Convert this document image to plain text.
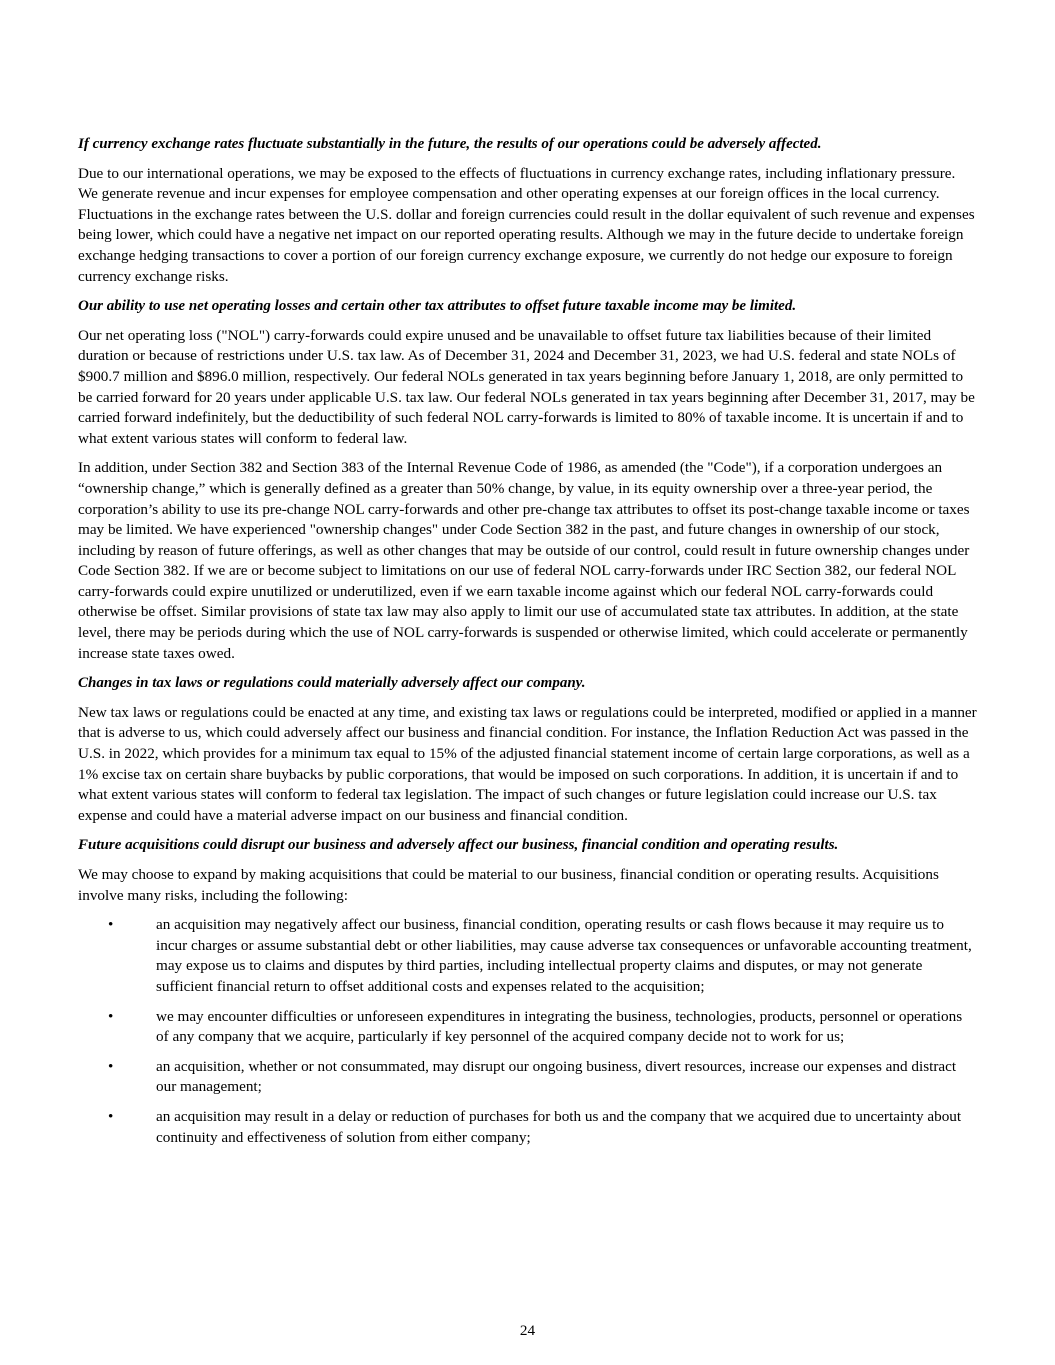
If currency exchange rates fluctuate substantially in the future, the results of our operations could be adversely affected.

Due to our international operations, we may be exposed to the effects of fluctuations in currency exchange rates, including inflationary pressure. We generate revenue and incur expenses for employee compensation and other operating expenses at our foreign offices in the local currency. Fluctuations in the exchange rates between the U.S. dollar and foreign currencies could result in the dollar equivalent of such revenue and expenses being lower, which could have a negative net impact on our reported operating results. Although we may in the future decide to undertake foreign exchange hedging transactions to cover a portion of our foreign currency exchange exposure, we currently do not hedge our exposure to foreign currency exchange risks.

Our ability to use net operating losses and certain other tax attributes to offset future taxable income may be limited.

Our net operating loss ("NOL") carry-forwards could expire unused and be unavailable to offset future tax liabilities because of their limited duration or because of restrictions under U.S. tax law. As of December 31, 2024 and December 31, 2023, we had U.S. federal and state NOLs of $900.7 million and $896.0 million, respectively. Our federal NOLs generated in tax years beginning before January 1, 2018, are only permitted to be carried forward for 20 years under applicable U.S. tax law. Our federal NOLs generated in tax years beginning after December 31, 2017, may be carried forward indefinitely, but the deductibility of such federal NOL carry-forwards is limited to 80% of taxable income. It is uncertain if and to what extent various states will conform to federal law.

In addition, under Section 382 and Section 383 of the Internal Revenue Code of 1986, as amended (the "Code"), if a corporation undergoes an “ownership change,” which is generally defined as a greater than 50% change, by value, in its equity ownership over a three-year period, the corporation’s ability to use its pre-change NOL carry-forwards and other pre-change tax attributes to offset its post-change taxable income or taxes may be limited. We have experienced "ownership changes" under Code Section 382 in the past, and future changes in ownership of our stock, including by reason of future offerings, as well as other changes that may be outside of our control, could result in future ownership changes under Code Section 382. If we are or become subject to limitations on our use of federal NOL carry-forwards under IRC Section 382, our federal NOL carry-forwards could expire unutilized or underutilized, even if we earn taxable income against which our federal NOL carry-forwards could otherwise be offset. Similar provisions of state tax law may also apply to limit our use of accumulated state tax attributes. In addition, at the state level, there may be periods during which the use of NOL carry-forwards is suspended or otherwise limited, which could accelerate or permanently increase state taxes owed.

Changes in tax laws or regulations could materially adversely affect our company.

New tax laws or regulations could be enacted at any time, and existing tax laws or regulations could be interpreted, modified or applied in a manner that is adverse to us, which could adversely affect our business and financial condition. For instance, the Inflation Reduction Act was passed in the U.S. in 2022, which provides for a minimum tax equal to 15% of the adjusted financial statement income of certain large corporations, as well as a 1% excise tax on certain share buybacks by public corporations, that would be imposed on such corporations. In addition, it is uncertain if and to what extent various states will conform to federal tax legislation. The impact of such changes or future legislation could increase our U.S. tax expense and could have a material adverse impact on our business and financial condition.

Future acquisitions could disrupt our business and adversely affect our business, financial condition and operating results.

We may choose to expand by making acquisitions that could be material to our business, financial condition or operating results. Acquisitions involve many risks, including the following:

•	an acquisition may negatively affect our business, financial condition, operating results or cash flows because it may require us to incur charges or assume substantial debt or other liabilities, may cause adverse tax consequences or unfavorable accounting treatment, may expose us to claims and disputes by third parties, including intellectual property claims and disputes, or may not generate sufficient financial return to offset additional costs and expenses related to the acquisition;
•	we may encounter difficulties or unforeseen expenditures in integrating the business, technologies, products, personnel or operations of any company that we acquire, particularly if key personnel of the acquired company decide not to work for us;
•	an acquisition, whether or not consummated, may disrupt our ongoing business, divert resources, increase our expenses and distract our management;
•	an acquisition may result in a delay or reduction of purchases for both us and the company that we acquired due to uncertainty about continuity and effectiveness of solution from either company;
24
